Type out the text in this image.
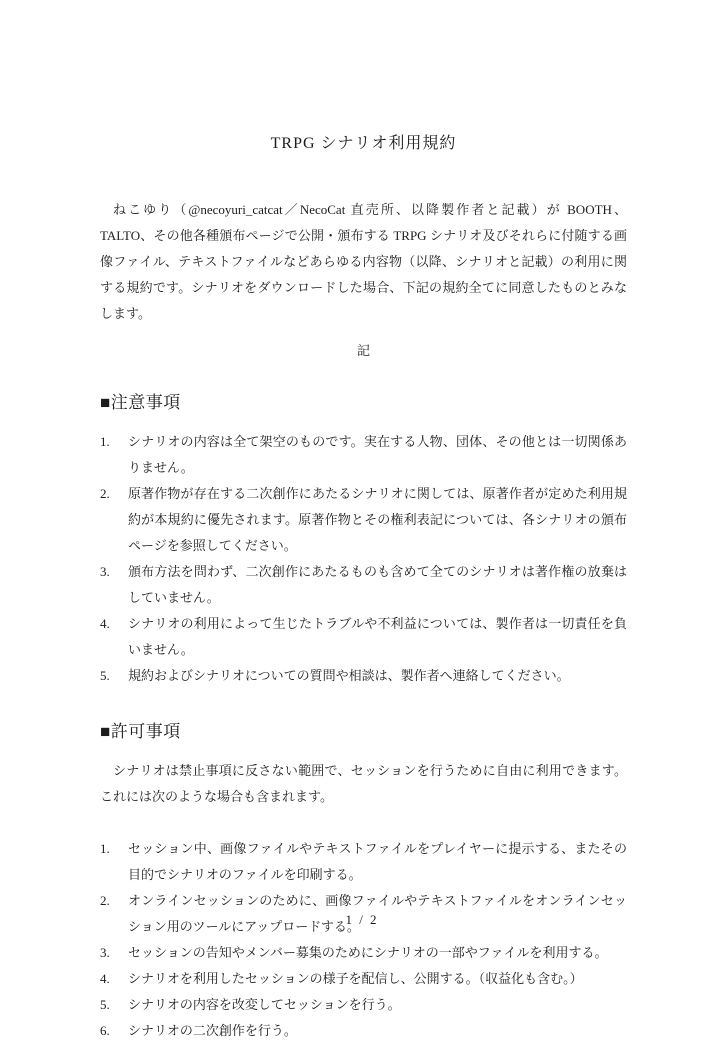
TRPG シナリオ利用規約

ねこゆり（@necoyuri_catcat／NecoCat 直売所、以降製作者と記載）が BOOTH、TALTO、その他各種頒布ページで公開・頒布する TRPG シナリオ及びそれらに付随する画像ファイル、テキストファイルなどあらゆる内容物（以降、シナリオと記載）の利用に関する規約です。シナリオをダウンロードした場合、下記の規約全てに同意したものとみなします。

記
■注意事項
1.	シナリオの内容は全て架空のものです。実在する人物、団体、その他とは一切関係ありません。
2.	原著作物が存在する二次創作にあたるシナリオに関しては、原著作者が定めた利用規約が本規約に優先されます。原著作物とその権利表記については、各シナリオの頒布ページを参照してください。
3.	頒布方法を問わず、二次創作にあたるものも含めて全てのシナリオは著作権の放棄はしていません。
4.	シナリオの利用によって生じたトラブルや不利益については、製作者は一切責任を負いません。
5.	規約およびシナリオについての質問や相談は、製作者へ連絡してください。
■許可事項

シナリオは禁止事項に反さない範囲で、セッションを行うために自由に利用できます。これには次のような場合も含まれます。

1.	セッション中、画像ファイルやテキストファイルをプレイヤーに提示する、またその目的でシナリオのファイルを印刷する。
2.	オンラインセッションのために、画像ファイルやテキストファイルをオンラインセッション用のツールにアップロードする。
3.	セッションの告知やメンバー募集のためにシナリオの一部やファイルを利用する。
4.	シナリオを利用したセッションの様子を配信し、公開する。（収益化も含む。）
5.	シナリオの内容を改変してセッションを行う。
6.	シナリオの二次創作を行う。
1 / 2
